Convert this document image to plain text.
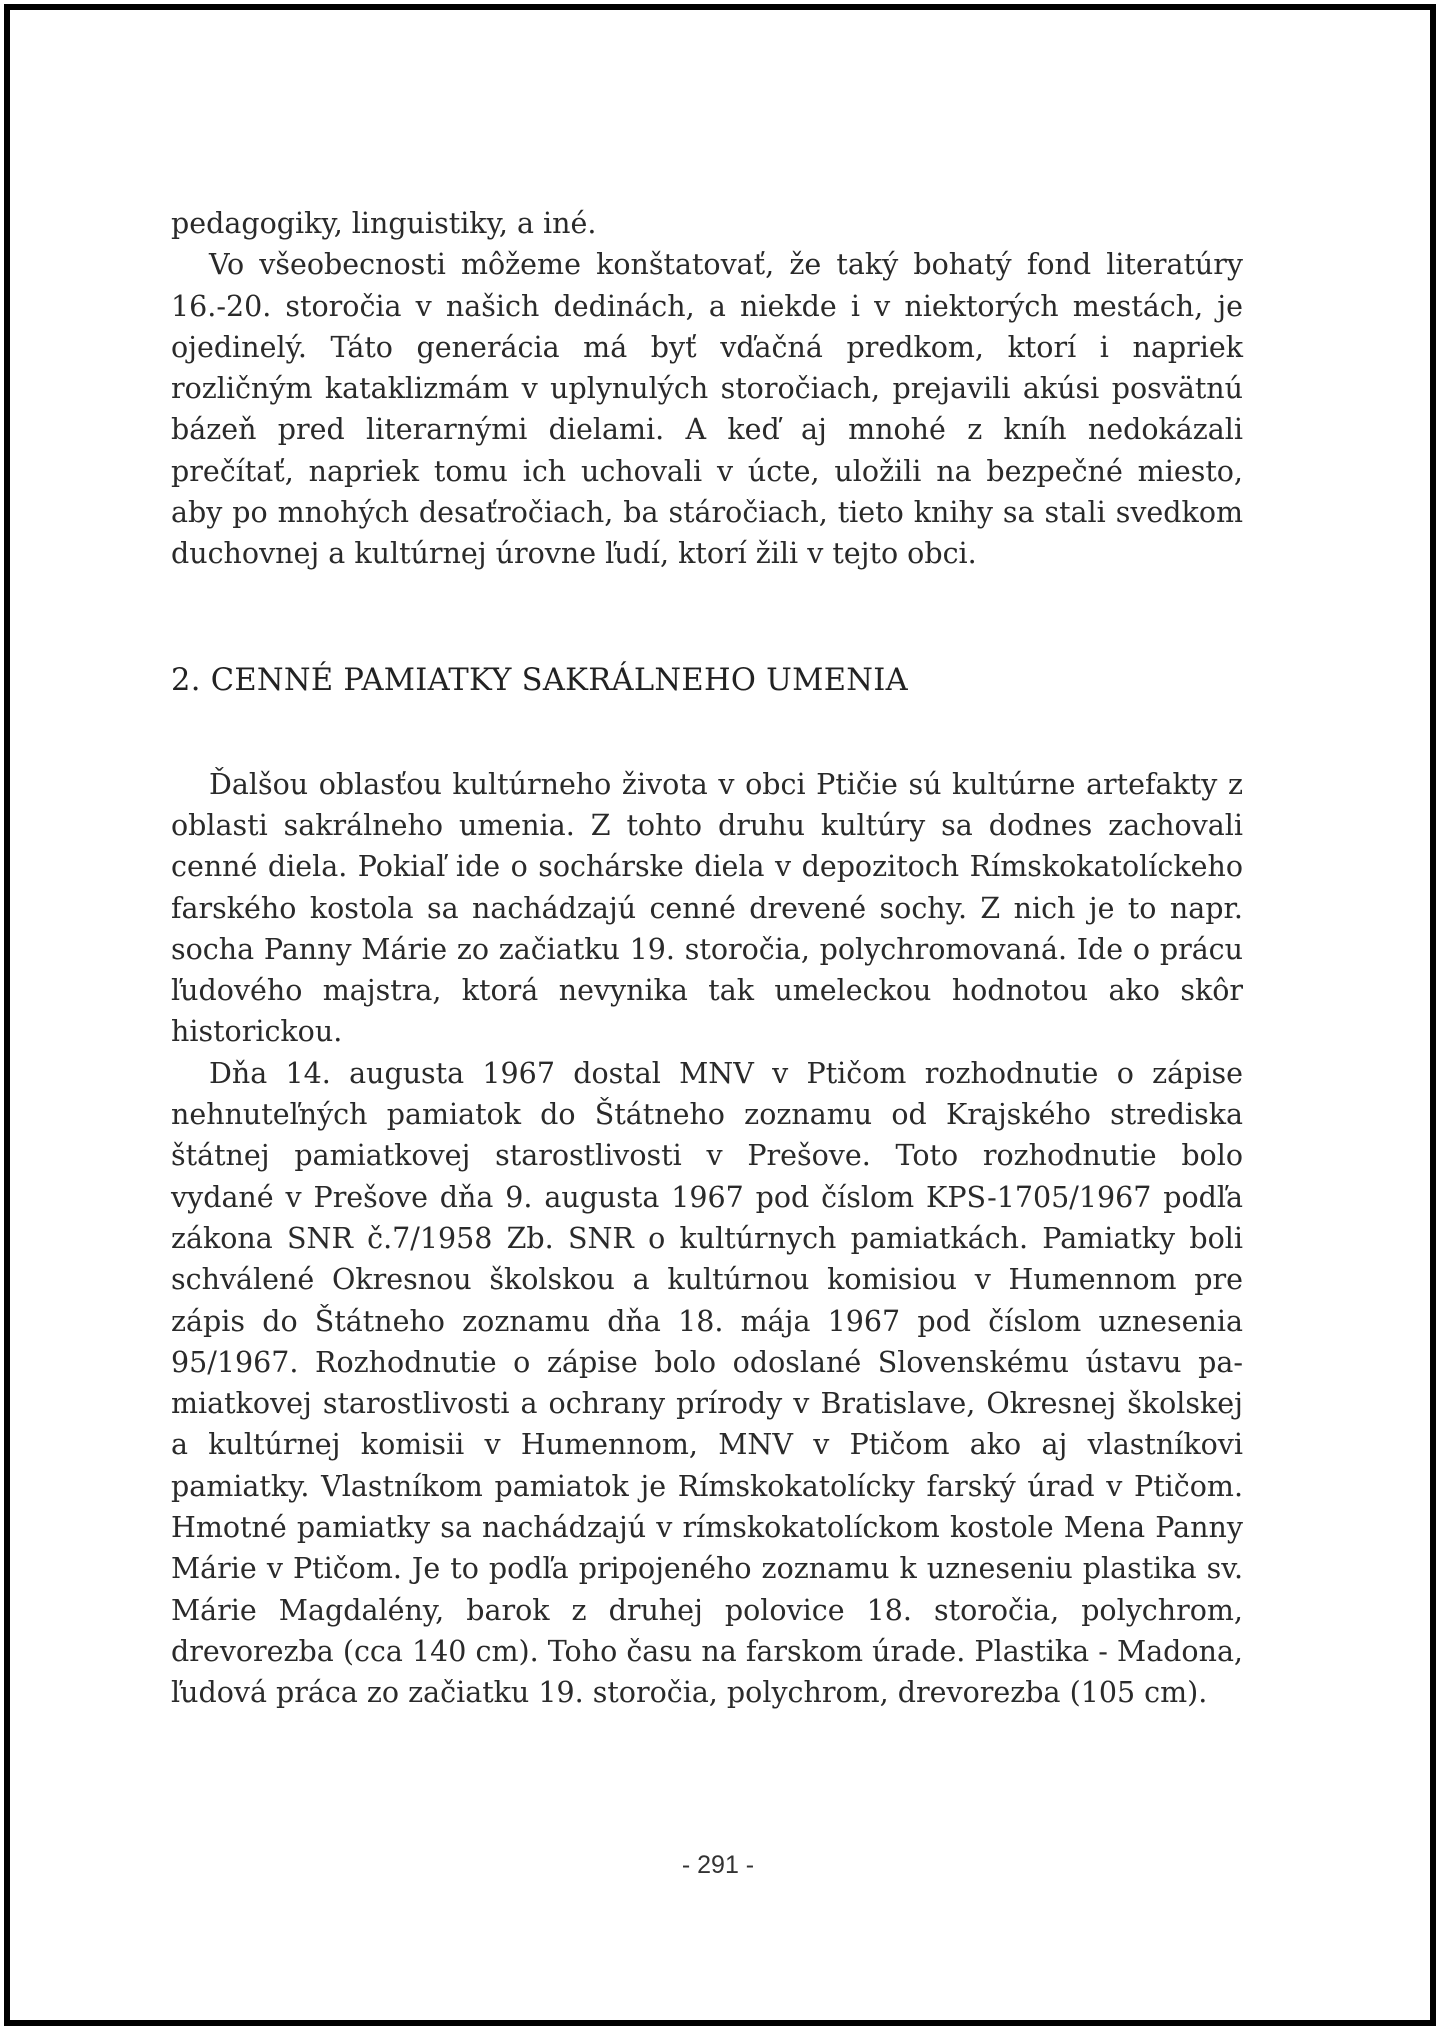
pedagogiky, linguistiky, a iné.

Vo všeobecnosti môžeme konštatovať, že taký bohatý fond literatúry 16.-20. storočia v našich dedinách, a niekde i v niektorých mestách, je ojedinelý. Táto generácia má byť vďačná predkom, ktorí i napriek rozličným kataklizmám v uplynulých storočiach, prejavili akúsi posvätnú bázeň pred literarnými dielami. A keď aj mnohé z kníh nedokázali prečítať, napriek tomu ich uchovali v úcte, uložili na bezpečné miesto, aby po mnohých desaťročiach, ba stáročiach, tieto knihy sa stali svedkom duchovnej a kultúrnej úrovne ľudí, ktorí žili v tejto obci.

2. CENNÉ PAMIATKY SAKRÁLNEHO UMENIA

Ďalšou oblasťou kultúrneho života v obci Ptičie sú kultúrne artefakty z oblasti sakrálneho umenia. Z tohto druhu kultúry sa dodnes zachovali cenné diela. Pokiaľ ide o sochárske diela v depozitoch Rímskokatolíckeho farského kostola sa nachádzajú cenné drevené sochy. Z nich je to napr. socha Panny Márie zo začiatku 19. storočia, polychromovaná. Ide o prácu ľudového majstra, ktorá nevynika tak umeleckou hodnotou ako skôr historickou.

Dňa 14. augusta 1967 dostal MNV v Ptičom rozhodnutie o zápise nehnuteľných pamiatok do Štátneho zoznamu od Krajského strediska štátnej pamiatkovej starostlivosti v Prešove. Toto rozhodnutie bolo vydané v Prešove dňa 9. augusta 1967 pod číslom KPS-1705/1967 podľa zákona SNR č.7/1958 Zb. SNR o kultúrnych pamiatkách. Pamiatky boli schválené Okresnou školskou a kultúrnou komisiou v Humennom pre zápis do Štátneho zoznamu dňa 18. mája 1967 pod číslom uznesenia 95/1967. Rozhodnutie o zápise bolo odoslané Slovenskému ústavu pamiatkovej starostlivosti a ochrany prírody v Bratislave, Okresnej školskej a kultúrnej komisii v Humennom, MNV v Ptičom ako aj vlastníkovi pamiatky. Vlastníkom pamiatok je Rímskokatolícky farský úrad v Ptičom. Hmotné pamiatky sa nachádzajú v rímskokatolíckom kostole Mena Panny Márie v Ptičom. Je to podľa pripojeného zoznamu k uzneseniu plastika sv. Márie Magdalény, barok z druhej polovice 18. storočia, polychrom, drevorezba (cca 140 cm). Toho času na farskom úrade. Plastika - Madona, ľudová práca zo začiatku 19. storočia, polychrom, drevorezba (105 cm).

- 291 -
